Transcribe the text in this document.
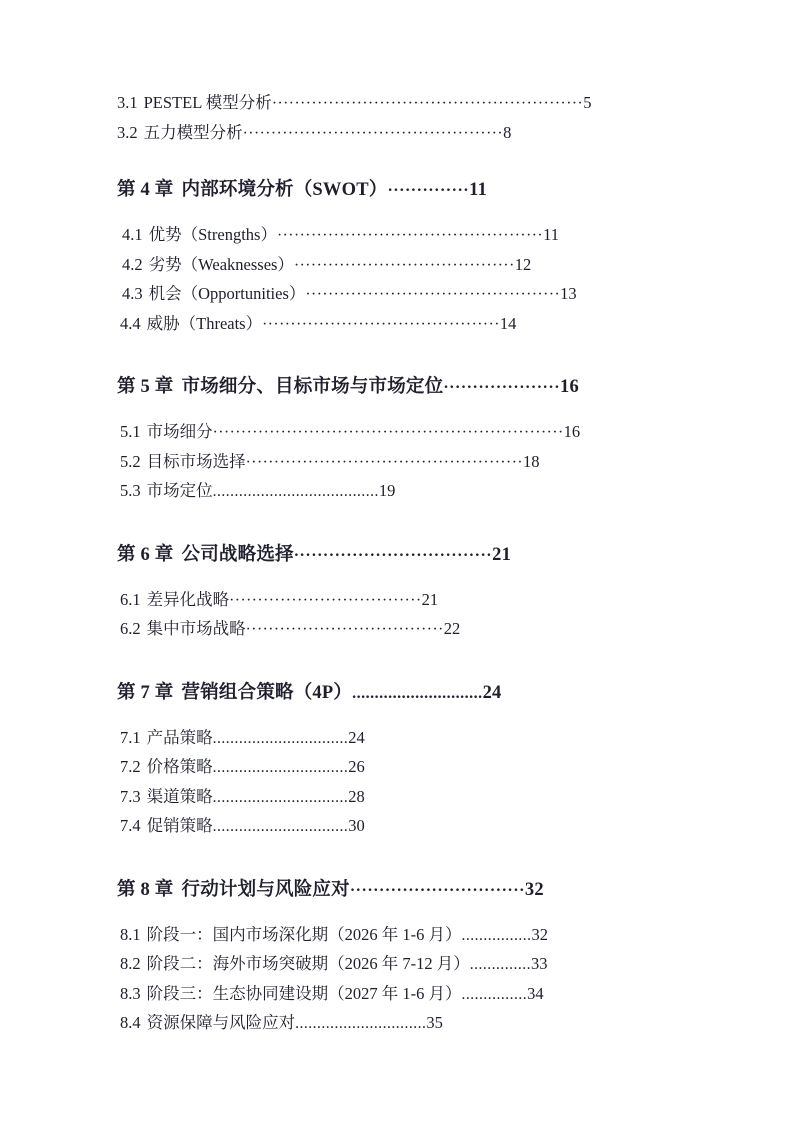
3.1 PESTEL 模型分析 ······················································· 5
3.2 五力模型分析 ·············································· 8
第 4 章 内部环境分析（SWOT） ·············· 11
4.1 优势（Strengths） ··············································· 11
4.2 劣势（Weaknesses） ······································· 12
4.3 机会（Opportunities） ············································· 13
4.4 威胁（Threats） ·········································· 14
第 5 章 市场细分、目标市场与市场定位 ···················· 16
5.1 市场细分 ······························································ 16
5.2 目标市场选择 ················································· 18
5.3 市场定位 ...................................... 19
第 6 章 公司战略选择 ·································· 21
6.1 差异化战略 ·································· 21
6.2 集中市场战略 ··································· 22
第 7 章 营销组合策略（4P） ............................. 24
7.1 产品策略 ............................... 24
7.2 价格策略 ............................... 26
7.3 渠道策略 ............................... 28
7.4 促销策略 ............................... 30
第 8 章 行动计划与风险应对 ······························ 32
8.1 阶段一：国内市场深化期（2026 年 1-6 月） ................ 32
8.2 阶段二：海外市场突破期（2026 年 7-12 月） .............. 33
8.3 阶段三：生态协同建设期（2027 年 1-6 月） ............... 34
8.4 资源保障与风险应对 .............................. 35
